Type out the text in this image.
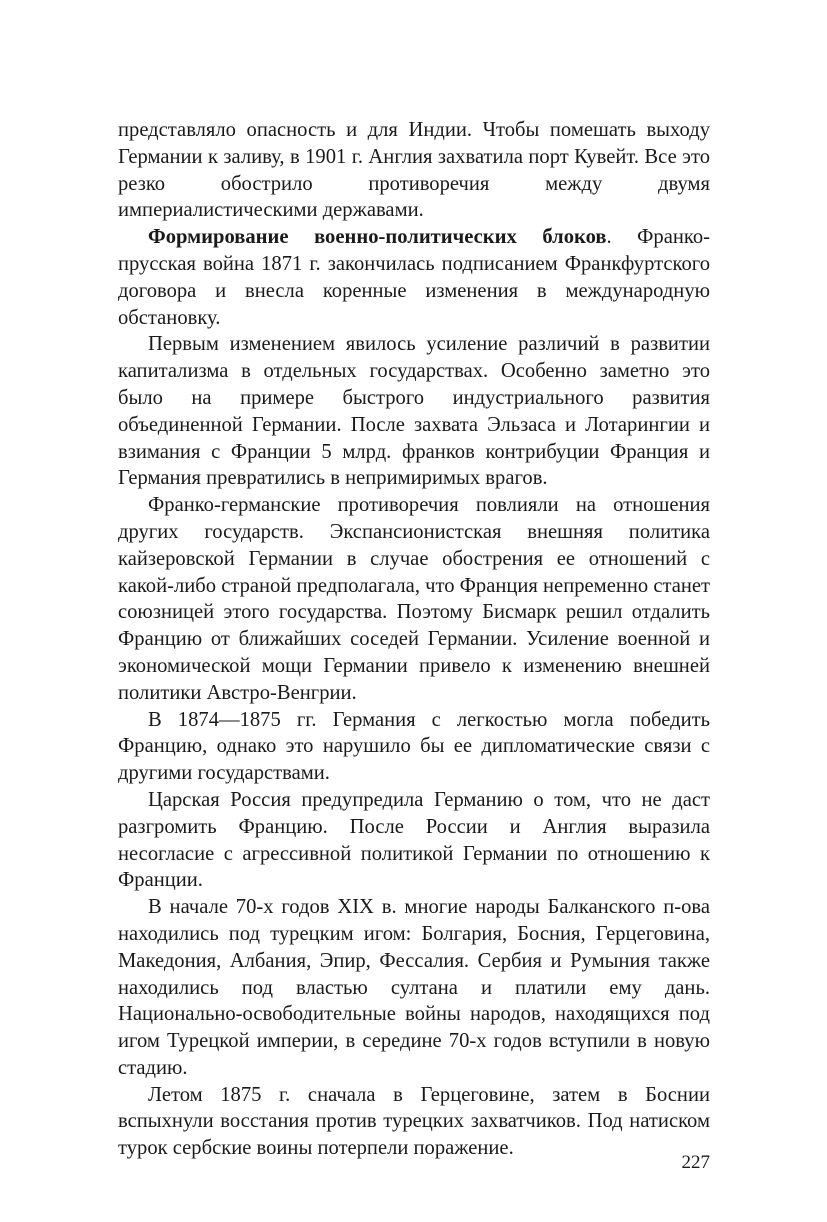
представляло опасность и для Индии. Чтобы помешать выходу Германии к заливу, в 1901 г. Англия захватила порт Кувейт. Все это резко обострило противоречия между двумя империалистическими державами.

Формирование военно-политических блоков. Франко-прусская война 1871 г. закончилась подписанием Франкфуртского договора и внесла коренные изменения в международную обстановку.

Первым изменением явилось усиление различий в развитии капитализма в отдельных государствах. Особенно заметно это было на примере быстрого индустриального развития объединенной Германии. После захвата Эльзаса и Лотарингии и взимания с Франции 5 млрд. франков контрибуции Франция и Германия превратились в непримиримых врагов.

Франко-германские противоречия повлияли на отношения других государств. Экспансионистская внешняя политика кайзеровской Германии в случае обострения ее отношений с какой-либо страной предполагала, что Франция непременно станет союзницей этого государства. Поэтому Бисмарк решил отдалить Францию от ближайших соседей Германии. Усиление военной и экономической мощи Германии привело к изменению внешней политики Австро-Венгрии.

В 1874—1875 гг. Германия с легкостью могла победить Францию, однако это нарушило бы ее дипломатические связи с другими государствами.

Царская Россия предупредила Германию о том, что не даст разгромить Францию. После России и Англия выразила несогласие с агрессивной политикой Германии по отношению к Франции.

В начале 70-х годов XIX в. многие народы Балканского п-ова находились под турецким игом: Болгария, Босния, Герцеговина, Македония, Албания, Эпир, Фессалия. Сербия и Румыния также находились под властью султана и платили ему дань. Национально-освободительные войны народов, находящихся под игом Турецкой империи, в середине 70-х годов вступили в новую стадию.

Летом 1875 г. сначала в Герцеговине, затем в Боснии вспыхнули восстания против турецких захватчиков. Под натиском турок сербские воины потерпели поражение.

227
